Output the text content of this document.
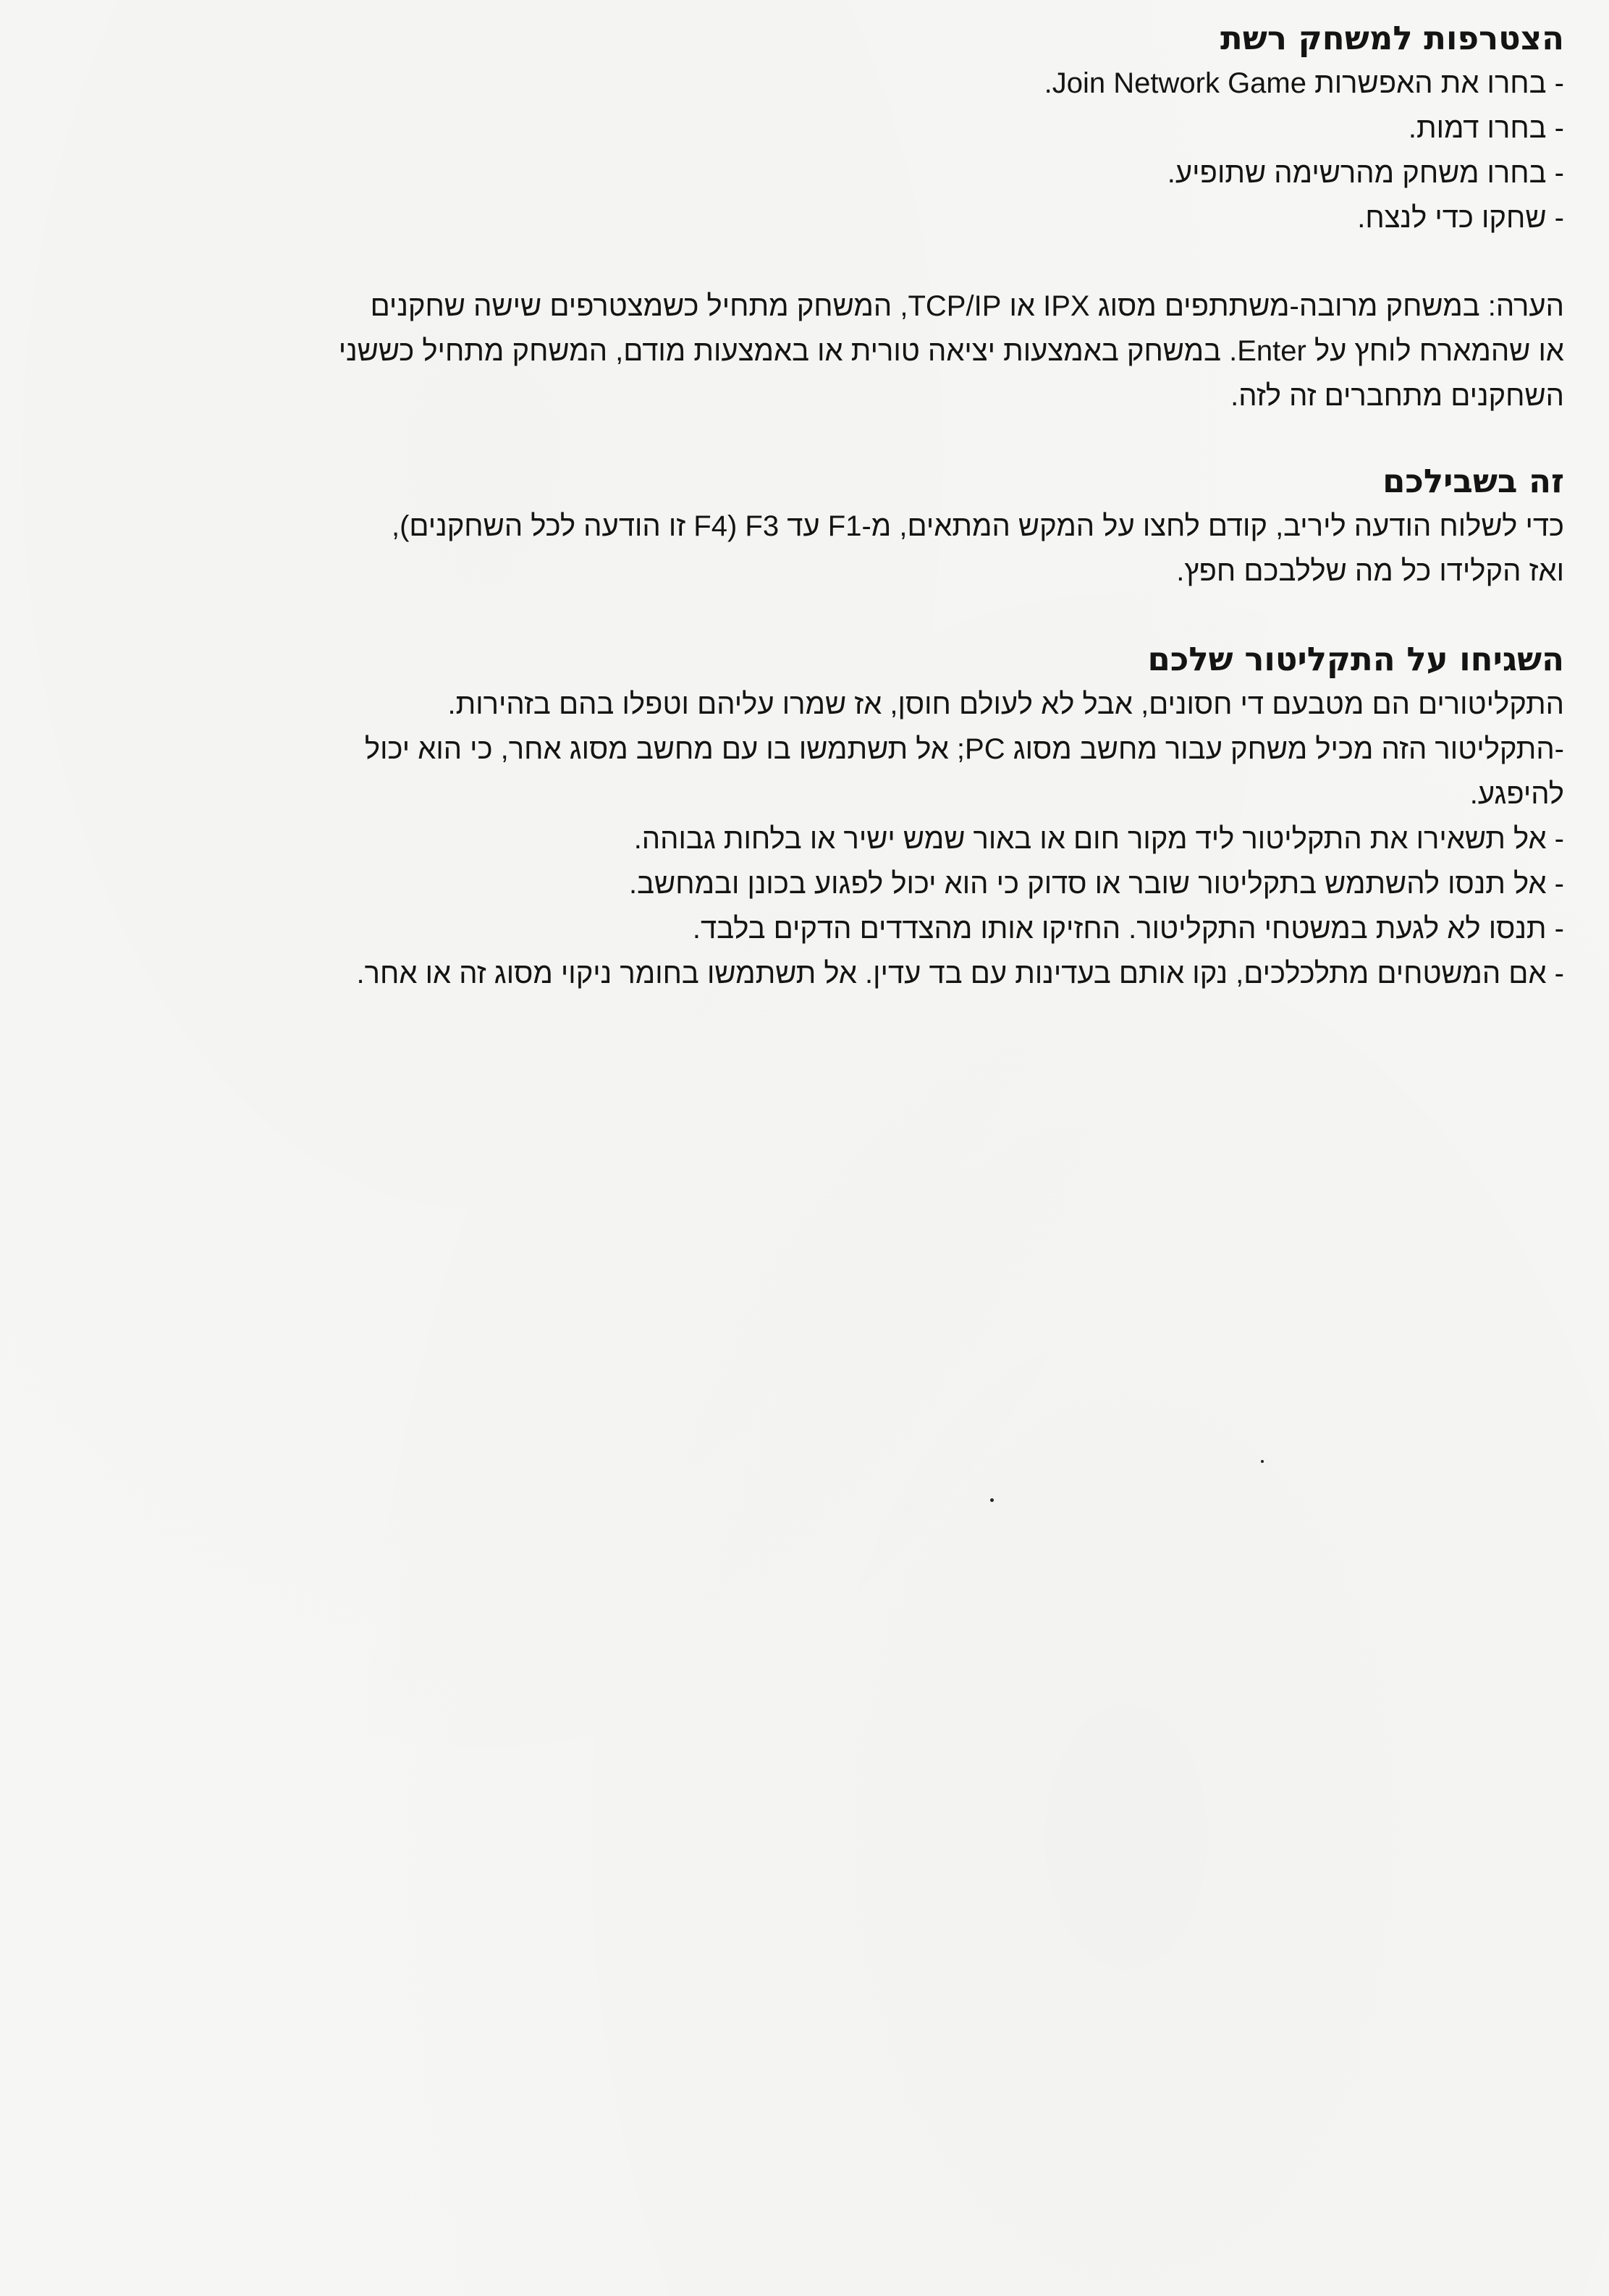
הצטרפות למשחק רשת
- בחרו את האפשרות Join Network Game.
- בחרו דמות.
- בחרו משחק מהרשימה שתופיע.
- שחקו כדי לנצח.
הערה: במשחק מרובה-משתתפים מסוג IPX או TCP/IP, המשחק מתחיל כשמצטרפים שישה שחקנים
או שהמארח לוחץ על Enter. במשחק באמצעות יציאה טורית או באמצעות מודם, המשחק מתחיל כששני
השחקנים מתחברים זה לזה.
זה בשבילכם
כדי לשלוח הודעה ליריב, קודם לחצו על המקש המתאים, מ-F1 עד F3 (F4 זו הודעה לכל השחקנים),
ואז הקלידו כל מה שללבכם חפץ.
השגיחו על התקליטור שלכם
התקליטורים הם מטבעם די חסונים, אבל לא לעולם חוסן, אז שמרו עליהם וטפלו בהם בזהירות.
-התקליטור הזה מכיל משחק עבור מחשב מסוג PC; אל תשתמשו בו עם מחשב מסוג אחר, כי הוא יכול
להיפגע.
- אל תשאירו את התקליטור ליד מקור חום או באור שמש ישיר או בלחות גבוהה.
- אל תנסו להשתמש בתקליטור שובר או סדוק כי הוא יכול לפגוע בכונן ובמחשב.
- תנסו לא לגעת במשטחי התקליטור. החזיקו אותו מהצדדים הדקים בלבד.
- אם המשטחים מתלכלכים, נקו אותם בעדינות עם בד עדין. אל תשתמשו בחומר ניקוי מסוג זה או אחר.
